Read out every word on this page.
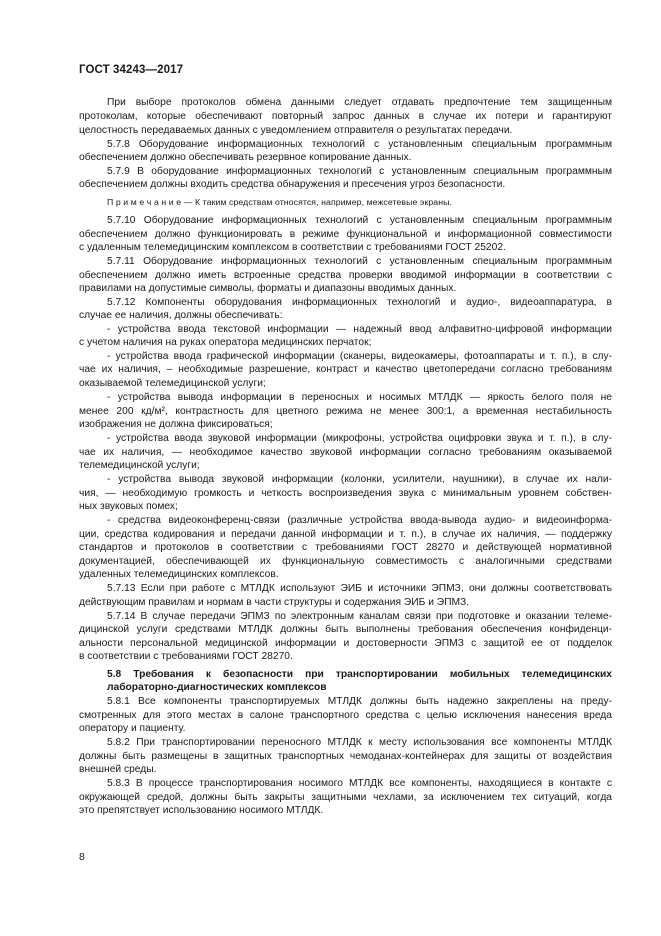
ГОСТ 34243—2017
При выборе протоколов обмена данными следует отдавать предпочтение тем защищенным
протоколам, которые обеспечивают повторный запрос данных в случае их потери и гарантируют
целостность передаваемых данных с уведомлением отправителя о результатах передачи.
5.7.8 Оборудование информационных технологий с установленным специальным программным
обеспечением должно обеспечивать резервное копирование данных.
5.7.9 В оборудование информационных технологий с установленным специальным программным
обеспечением должны входить средства обнаружения и пресечения угроз безопасности.
П р и м е ч а н и е — К таким средствам относятся, например, межсетевые экраны.
5.7.10 Оборудование информационных технологий с установленным специальным программным
обеспечением должно функционировать в режиме функциональной и информационной совместимости
с удаленным телемедицинским комплексом в соответствии с требованиями ГОСТ 25202.
5.7.11 Оборудование информационных технологий с установленным специальным программным
обеспечением должно иметь встроенные средства проверки вводимой информации в соответствии с
правилами на допустимые символы, форматы и диапазоны вводимых данных.
5.7.12 Компоненты оборудования информационных технологий и аудио-, видеоаппаратура, в
случае ее наличия, должны обеспечивать:
- устройства ввода текстовой информации — надежный ввод алфавитно-цифровой информации
с учетом наличия на руках оператора медицинских перчаток;
- устройства ввода графической информации (сканеры, видеокамеры, фотоаппараты и т. п.), в слу-
чае их наличия, – необходимые разрешение, контраст и качество цветопередачи согласно требованиям
оказываемой телемедицинской услуги;
- устройства вывода информации в переносных и носимых МТЛДК — яркость белого поля не
менее 200 кд/м², контрастность для цветного режима не менее 300:1, а временная нестабильность
изображения не должна фиксироваться;
- устройства ввода звуковой информации (микрофоны, устройства оцифровки звука и т. п.), в слу-
чае их наличия, — необходимое качество звуковой информации согласно требованиям оказываемой
телемедицинской услуги;
- устройства вывода звуковой информации (колонки, усилители, наушники), в случае их нали-
чия, — необходимую громкость и четкость воспроизведения звука с минимальным уровнем собствен-
ных звуковых помех;
- средства видеоконференц-связи (различные устройства ввода-вывода аудио- и видеоинформа-
ции, средства кодирования и передачи данной информации и т. п.), в случае их наличия, — поддержку
стандартов и протоколов в соответствии с требованиями ГОСТ 28270 и действующей нормативной
документацией, обеспечивающей их функциональную совместимость с аналогичными средствами
удаленных телемедицинских комплексов.
5.7.13 Если при работе с МТЛДК используют ЭИБ и источники ЭПМЗ, они должны соответствовать
действующим правилам и нормам в части структуры и содержания ЭИБ и ЭПМЗ.
5.7.14 В случае передачи ЭПМЗ по электронным каналам связи при подготовке и оказании телеме-
дицинской услуги средствами МТЛДК должны быть выполнены требования обеспечения конфиденци-
альности персональной медицинской информации и достоверности ЭПМЗ с защитой ее от подделок
в соответствии с требованиями ГОСТ 28270.
5.8 Требования к безопасности при транспортировании мобильных телемедицинских
лабораторно-диагностических комплексов
5.8.1 Все компоненты транспортируемых МТЛДК должны быть надежно закреплены на преду-
смотренных для этого местах в салоне транспортного средства с целью исключения нанесения вреда
оператору и пациенту.
5.8.2 При транспортировании переносного МТЛДК к месту использования все компоненты МТЛДК
должны быть размещены в защитных транспортных чемоданах-контейнерах для защиты от воздействия
внешней среды.
5.8.3 В процессе транспортирования носимого МТЛДК все компоненты, находящиеся в контакте с
окружающей средой, должны быть закрыты защитными чехлами, за исключением тех ситуаций, когда
это препятствует использованию носимого МТЛДК.
8
